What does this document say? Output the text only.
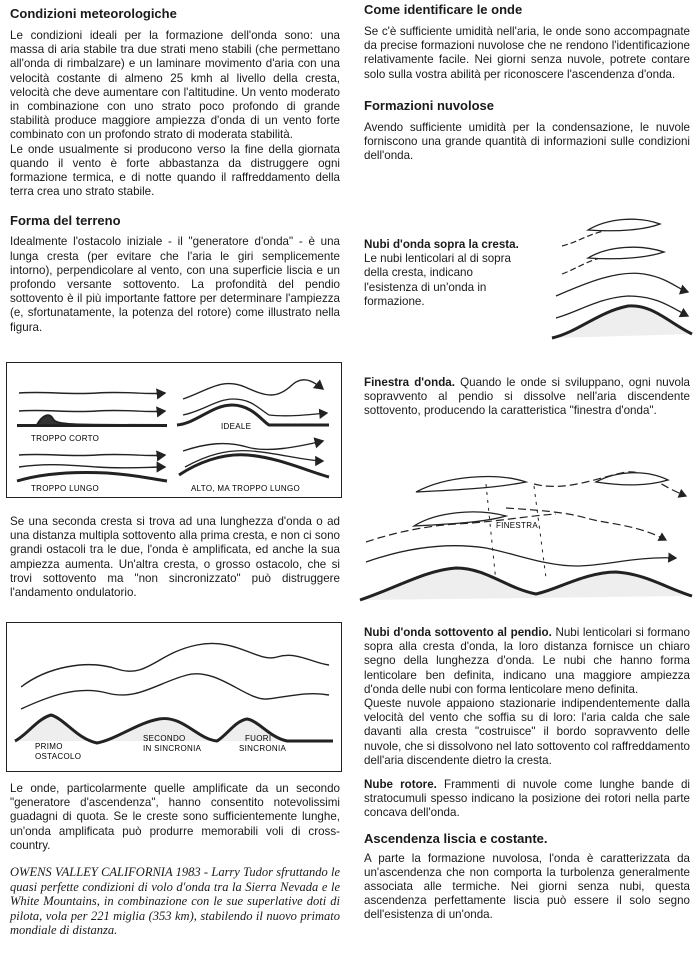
Condizioni meteorologiche

Le condizioni ideali per la formazione dell'onda sono: una massa di aria stabile tra due strati meno stabili (che permettano all'onda di rimbalzare) e un laminare movimento d'aria con una velocità costante di almeno 25 kmh al livello della cresta, velocità che deve aumentare con l'altitudine. Un vento moderato in combinazione con uno strato poco profondo di grande stabilità produce maggiore ampiezza d'onda di un vento forte combinato con un profondo strato di moderata stabilità.

Le onde usualmente si producono verso la fine della giornata quando il vento è forte abbastanza da distruggere ogni formazione termica, e di notte quando il raffreddamento della terra crea uno strato stabile.

Forma del terreno

Idealmente l'ostacolo iniziale - il "generatore d'onda" - è una lunga cresta (per evitare che l'aria le giri semplicemente intorno), perpendicolare al vento, con una superficie liscia e un profondo versante sottovento. La profondità del pendio sottovento è il più importante fattore per determinare l'ampiezza (e, sfortunatamente, la potenza del rotore) come illustrato nella figura.

TROPPO CORTO
IDEALE
TROPPO LUNGO	ALTO, MA TROPPO LUNGO

Se una seconda cresta si trova ad una lunghezza d'onda o ad una distanza multipla sottovento alla prima cresta, e non ci sono grandi ostacoli tra le due, l'onda è amplificata, ed anche la sua ampiezza aumenta. Un'altra cresta, o grosso ostacolo, che si trovi sottovento ma "non sincronizzato" può distruggere l'andamento ondulatorio.

PRIMO
OSTACOLO
SECONDO
IN SINCRONIA
FUORI
SINCRONIA

Le onde, particolarmente quelle amplificate da un secondo "generatore d'ascendenza", hanno consentito notevolissimi guadagni di quota. Se le creste sono sufficientemente lunghe, un'onda amplificata può produrre memorabili voli di cross-country.

OWENS VALLEY CALIFORNIA 1983 - Larry Tudor sfruttando le quasi perfette condizioni di volo d'onda tra la Sierra Nevada e le White Mountains, in combinazione con le sue superlative doti di pilota, vola per 221 miglia (353 km), stabilendo il nuovo primato mondiale di distanza.

Come identificare le onde

Se c'è sufficiente umidità nell'aria, le onde sono accompagnate da precise formazioni nuvolose che ne rendono l'identificazione relativamente facile. Nei giorni senza nuvole, potrete contare solo sulla vostra abilità per riconoscere l'ascendenza d'onda.

Formazioni nuvolose

Avendo sufficiente umidità per la condensazione, le nuvole forniscono una grande quantità di informazioni sulle condizioni dell'onda.

Nubi d'onda sopra la cresta. Le nubi lenticolari al di sopra della cresta, indicano l'esistenza di un'onda in formazione.

Finestra d'onda. Quando le onde si sviluppano, ogni nuvola sopravvento al pendio si dissolve nell'aria discendente sottovento, producendo la caratteristica "finestra d'onda".

FINESTRA

Nubi d'onda sottovento al pendio. Nubi lenticolari si formano sopra alla cresta d'onda, la loro distanza fornisce un chiaro segno della lunghezza d'onda. Le nubi che hanno forma lenticolare ben definita, indicano una maggiore ampiezza d'onda delle nubi con forma lenticolare meno definita.

Queste nuvole appaiono stazionarie indipendentemente dalla velocità del vento che soffia su di loro: l'aria calda che sale davanti alla cresta "costruisce" il bordo sopravvento delle nuvole, che si dissolvono nel lato sottovento col raffreddamento dell'aria discendente dietro la cresta.

Nube rotore. Frammenti di nuvole come lunghe bande di stratocumuli spesso indicano la posizione dei rotori nella parte concava dell'onda.

Ascendenza liscia e costante.

A parte la formazione nuvolosa, l'onda è caratterizzata da un'ascendenza che non comporta la turbolenza generalmente associata alle termiche. Nei giorni senza nubi, questa ascendenza perfettamente liscia può essere il solo segno dell'esistenza di un'onda.
